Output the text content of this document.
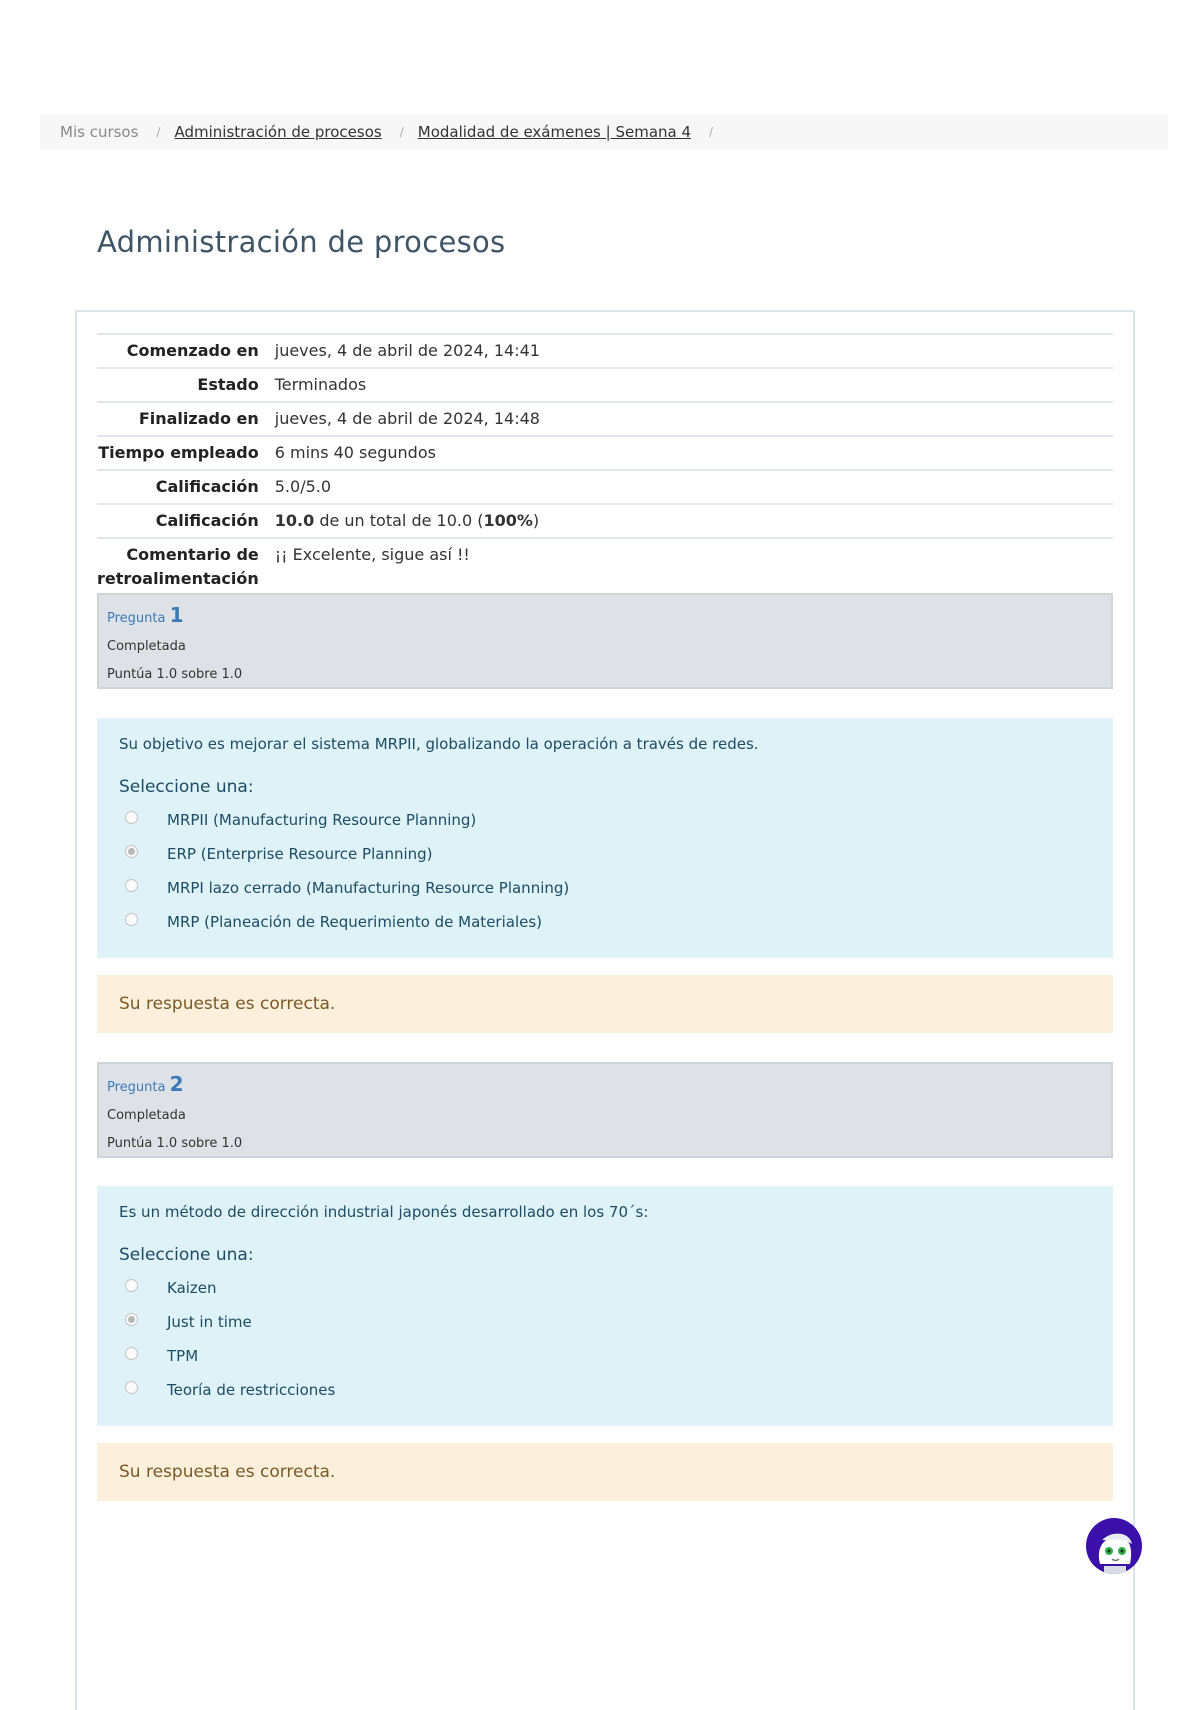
Mis cursos / Administración de procesos / Modalidad de exámenes | Semana 4 /
Administración de procesos
Comenzado en	jueves, 4 de abril de 2024, 14:41
Estado	Terminados
Finalizado en	jueves, 4 de abril de 2024, 14:48
Tiempo empleado	6 mins 40 segundos
Calificación	5.0/5.0
Calificación	10.0 de un total de 10.0 (100%)
Comentario de retroalimentación	¡¡ Excelente, sigue así !!
Pregunta 1
Completada
Puntúa 1.0 sobre 1.0
Su objetivo es mejorar el sistema MRPII, globalizando la operación a través de redes.
Seleccione una:
MRPII (Manufacturing Resource Planning)
ERP (Enterprise Resource Planning)
MRPI lazo cerrado (Manufacturing Resource Planning)
MRP (Planeación de Requerimiento de Materiales)
Su respuesta es correcta.
Pregunta 2
Completada
Puntúa 1.0 sobre 1.0
Es un método de dirección industrial japonés desarrollado en los 70´s:
Seleccione una:
Kaizen
Just in time
TPM
Teoría de restricciones
Su respuesta es correcta.
